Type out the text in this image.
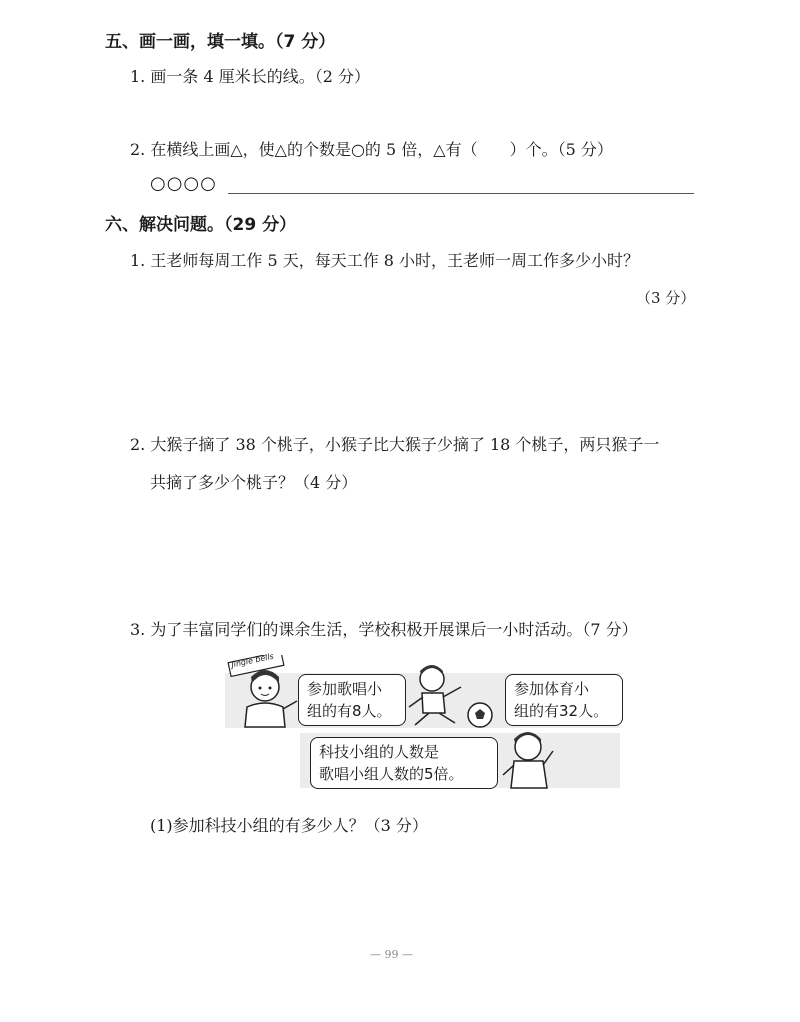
五、画一画，填一填。（7 分）
1. 画一条 4 厘米长的线。（2 分）
2. 在横线上画△，使△的个数是○的 5 倍，△有（　　）个。（5 分）
○○○○
六、解决问题。（29 分）
1. 王老师每周工作 5 天，每天工作 8 小时，王老师一周工作多少小时？
（3 分）
2. 大猴子摘了 38 个桃子，小猴子比大猴子少摘了 18 个桃子，两只猴子一
共摘了多少个桃子？（4 分）
3. 为了丰富同学们的课余生活，学校积极开展课后一小时活动。（7 分）
Jingle bells
参加歌唱小
组的有8人。
参加体育小
组的有32人。
科技小组的人数是
歌唱小组人数的5倍。
(1)参加科技小组的有多少人？（3 分）
— 99 —
